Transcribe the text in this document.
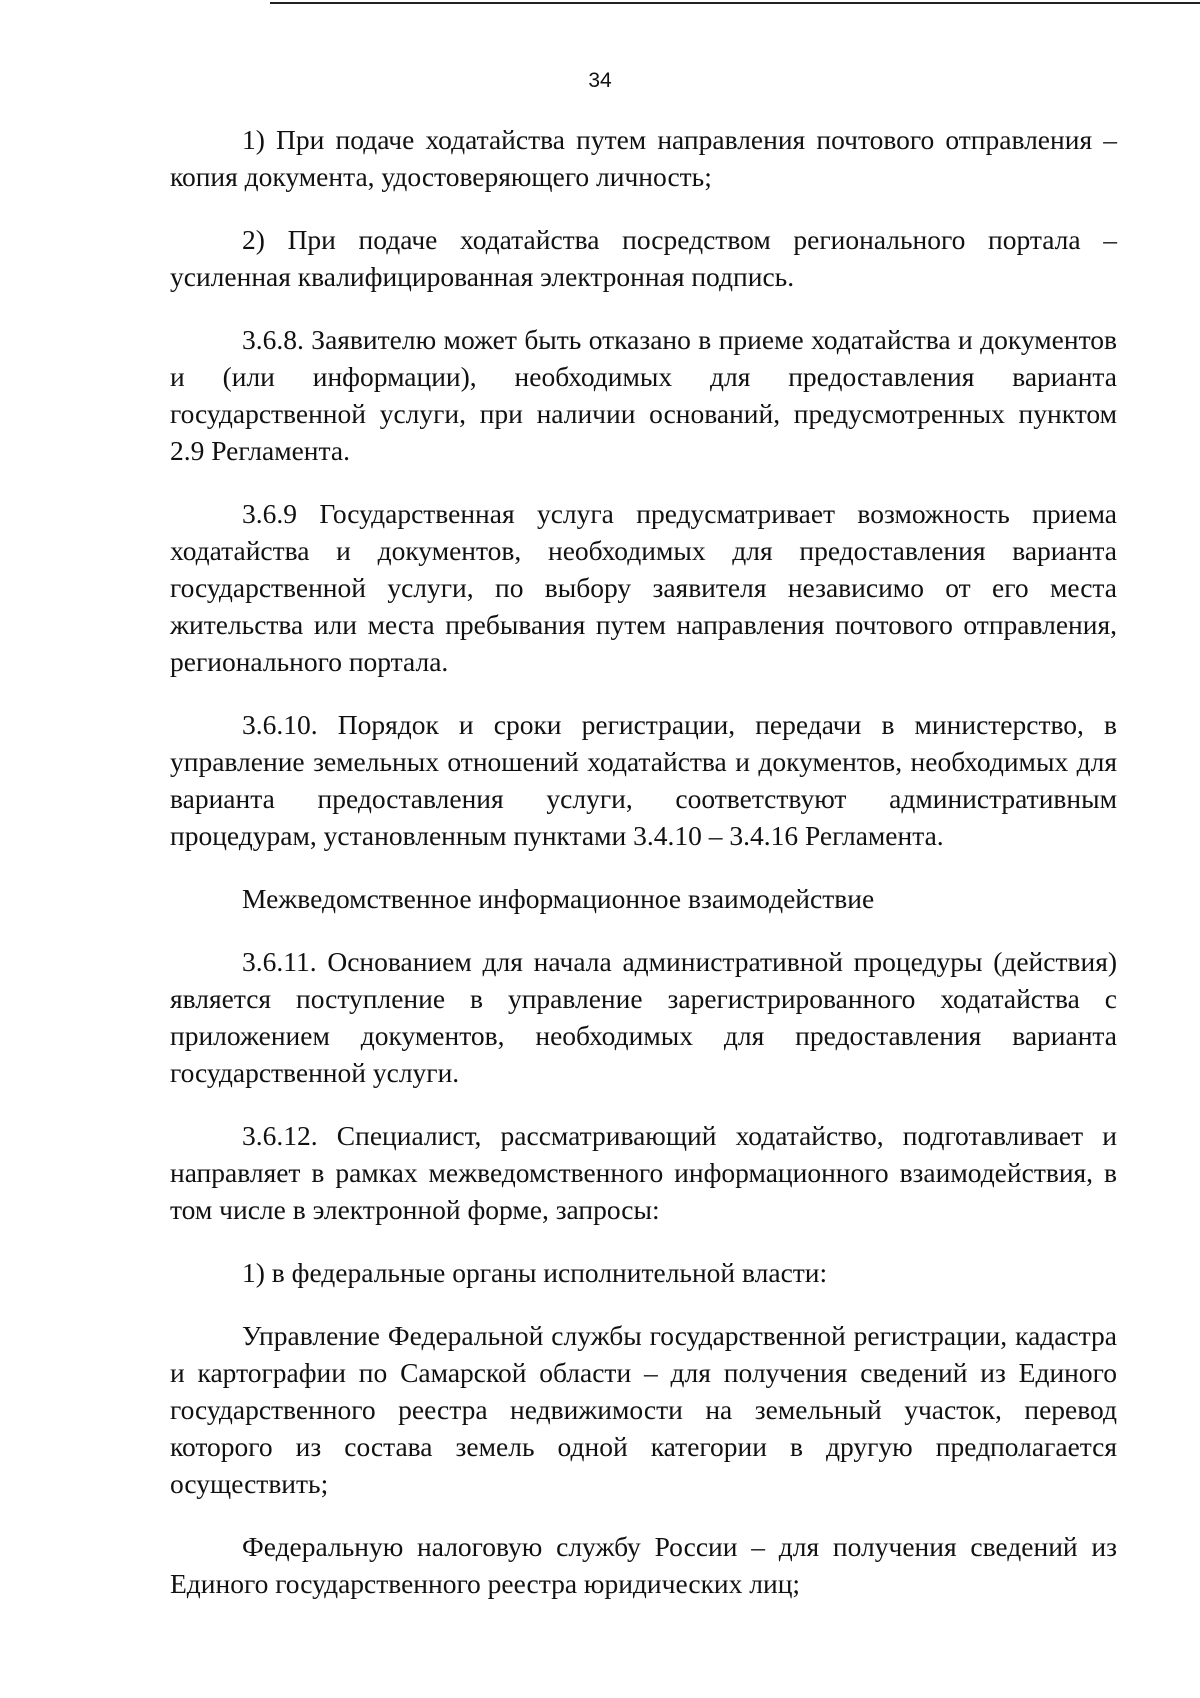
34

1) При подаче ходатайства путем направления почтового отправления – копия документа, удостоверяющего личность;

2) При подаче ходатайства посредством регионального портала – усиленная квалифицированная электронная подпись.

3.6.8. Заявителю может быть отказано в приеме ходатайства и документов и (или информации), необходимых для предоставления варианта государственной услуги, при наличии оснований, предусмотренных пунктом 2.9 Регламента.

3.6.9 Государственная услуга предусматривает возможность приема ходатайства и документов, необходимых для предоставления варианта государственной услуги, по выбору заявителя независимо от его места жительства или места пребывания путем направления почтового отправления, регионального портала.

3.6.10. Порядок и сроки регистрации, передачи в министерство, в управление земельных отношений ходатайства и документов, необходимых для варианта предоставления услуги, соответствуют административным процедурам, установленным пунктами 3.4.10 – 3.4.16 Регламента.

Межведомственное информационное взаимодействие

3.6.11. Основанием для начала административной процедуры (действия) является поступление в управление зарегистрированного ходатайства с приложением документов, необходимых для предоставления варианта государственной услуги.

3.6.12. Специалист, рассматривающий ходатайство, подготавливает и направляет в рамках межведомственного информационного взаимодействия, в том числе в электронной форме, запросы:

1) в федеральные органы исполнительной власти:

Управление Федеральной службы государственной регистрации, кадастра и картографии по Самарской области – для получения сведений из Единого государственного реестра недвижимости на земельный участок, перевод которого из состава земель одной категории в другую предполагается осуществить;

Федеральную налоговую службу России – для получения сведений из Единого государственного реестра юридических лиц;
